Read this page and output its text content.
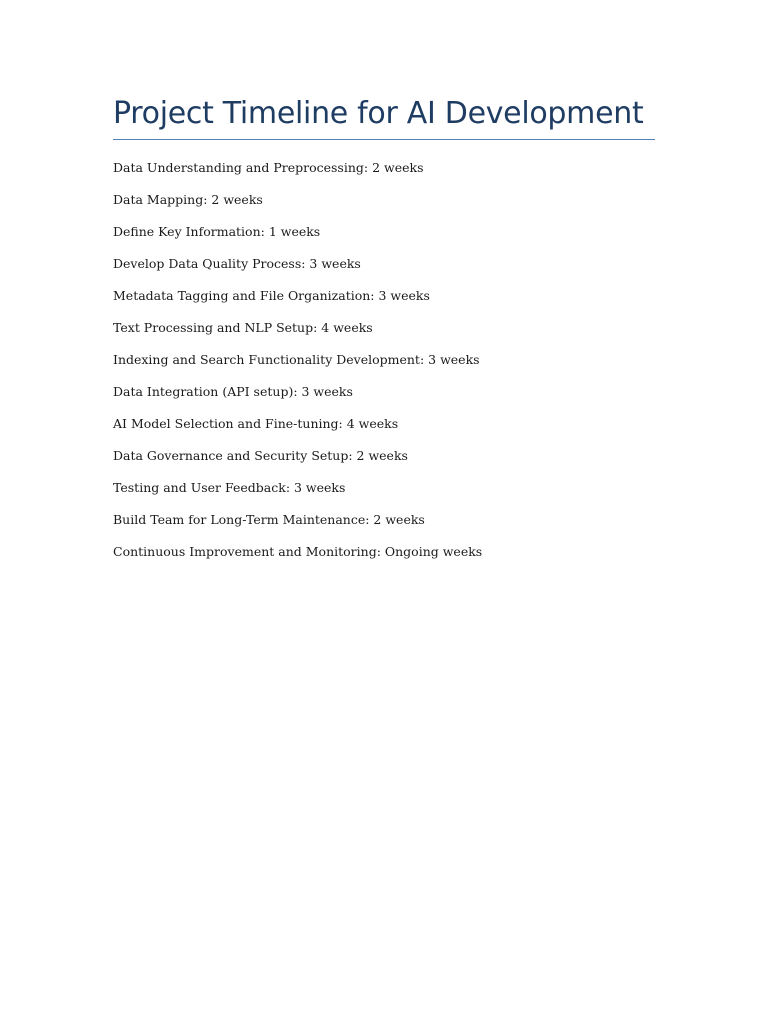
Project Timeline for AI Development
Data Understanding and Preprocessing: 2 weeks
Data Mapping: 2 weeks
Define Key Information: 1 weeks
Develop Data Quality Process: 3 weeks
Metadata Tagging and File Organization: 3 weeks
Text Processing and NLP Setup: 4 weeks
Indexing and Search Functionality Development: 3 weeks
Data Integration (API setup): 3 weeks
AI Model Selection and Fine-tuning: 4 weeks
Data Governance and Security Setup: 2 weeks
Testing and User Feedback: 3 weeks
Build Team for Long-Term Maintenance: 2 weeks
Continuous Improvement and Monitoring: Ongoing weeks
